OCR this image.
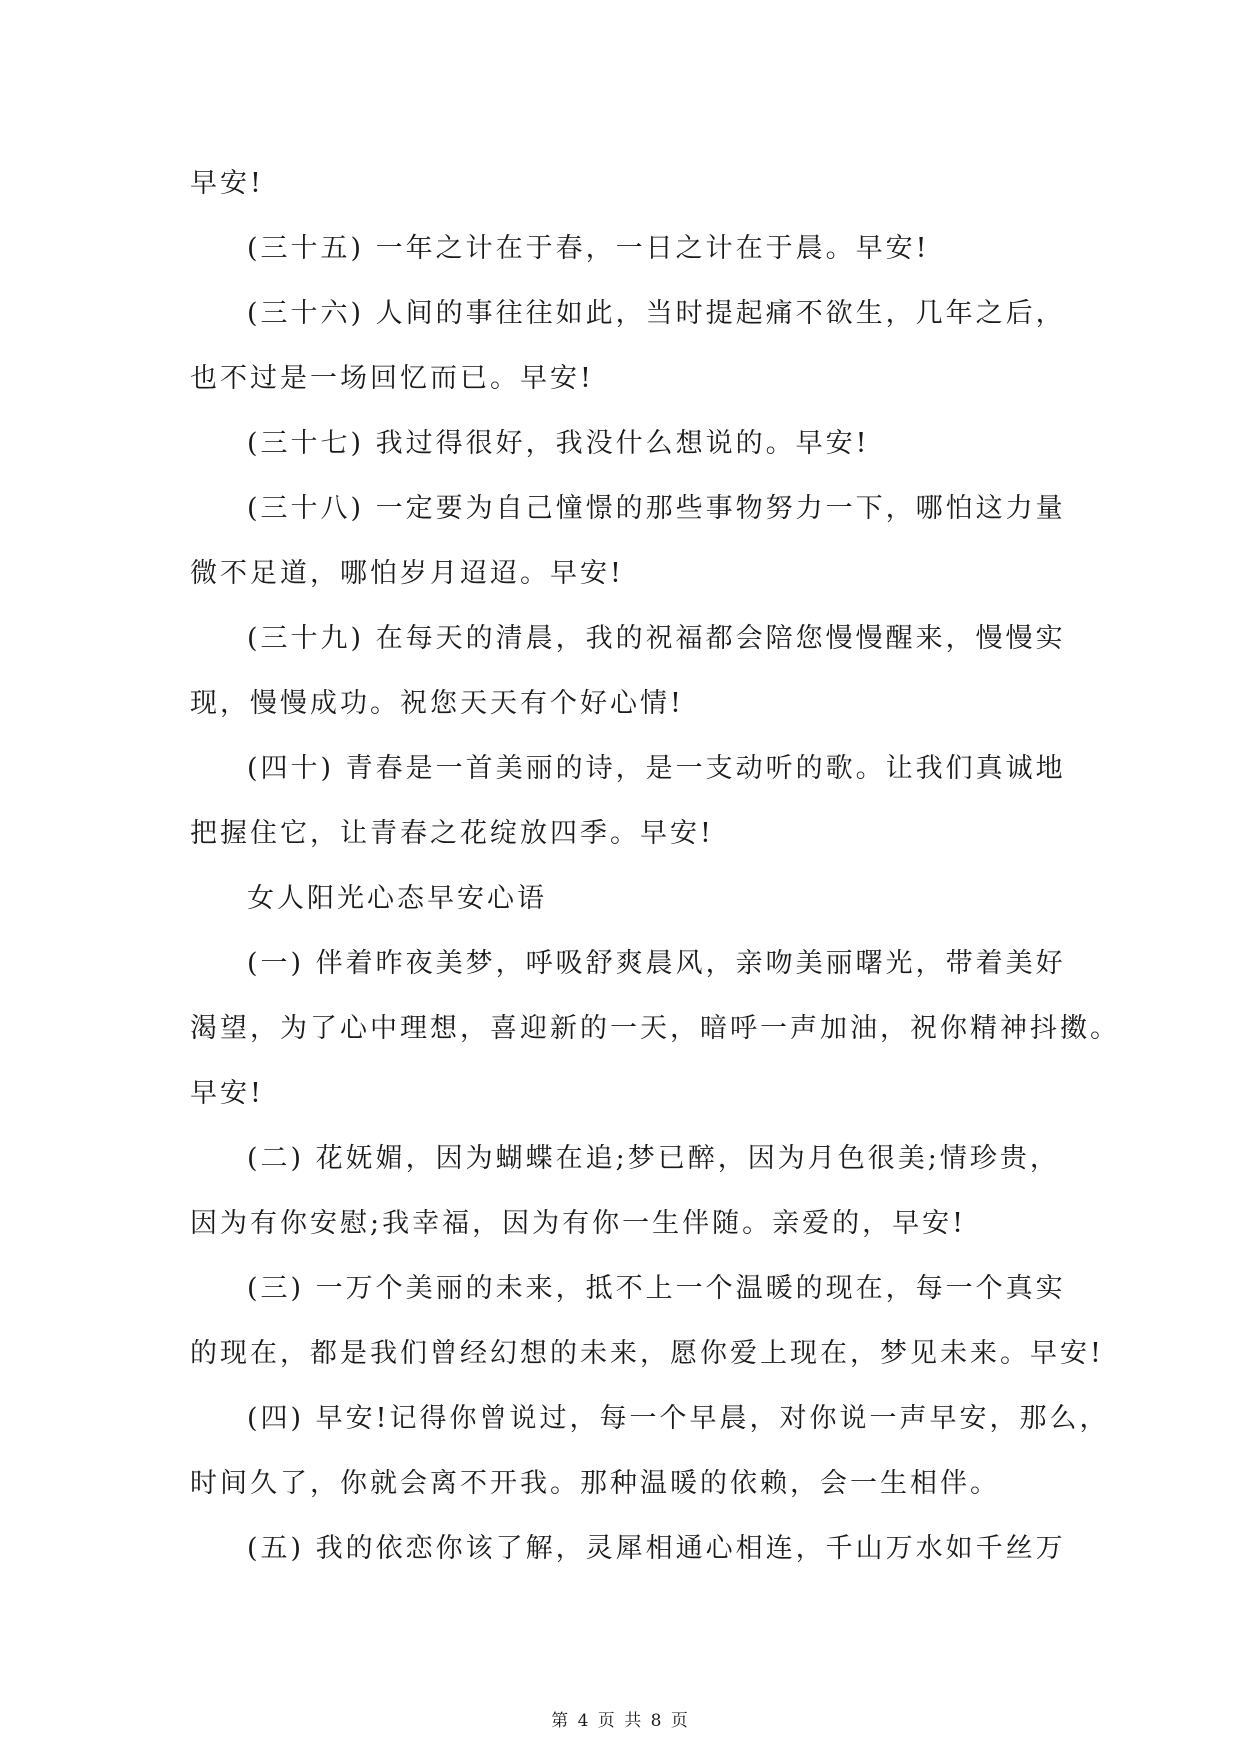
早安!
(三十五) 一年之计在于春，一日之计在于晨。早安!
(三十六) 人间的事往往如此，当时提起痛不欲生，几年之后，
也不过是一场回忆而已。早安!
(三十七) 我过得很好，我没什么想说的。早安!
(三十八) 一定要为自己憧憬的那些事物努力一下，哪怕这力量
微不足道，哪怕岁月迢迢。早安!
(三十九) 在每天的清晨，我的祝福都会陪您慢慢醒来，慢慢实
现，慢慢成功。祝您天天有个好心情!
(四十) 青春是一首美丽的诗，是一支动听的歌。让我们真诚地
把握住它，让青春之花绽放四季。早安!
女人阳光心态早安心语
(一) 伴着昨夜美梦，呼吸舒爽晨风，亲吻美丽曙光，带着美好
渴望，为了心中理想，喜迎新的一天，暗呼一声加油，祝你精神抖擞。
早安!
(二) 花妩媚，因为蝴蝶在追;梦已醉，因为月色很美;情珍贵，
因为有你安慰;我幸福，因为有你一生伴随。亲爱的，早安!
(三) 一万个美丽的未来，抵不上一个温暖的现在，每一个真实
的现在，都是我们曾经幻想的未来，愿你爱上现在，梦见未来。早安!
(四) 早安!记得你曾说过，每一个早晨，对你说一声早安，那么，
时间久了，你就会离不开我。那种温暖的依赖，会一生相伴。
(五) 我的依恋你该了解，灵犀相通心相连，千山万水如千丝万
第 4 页 共 8 页
